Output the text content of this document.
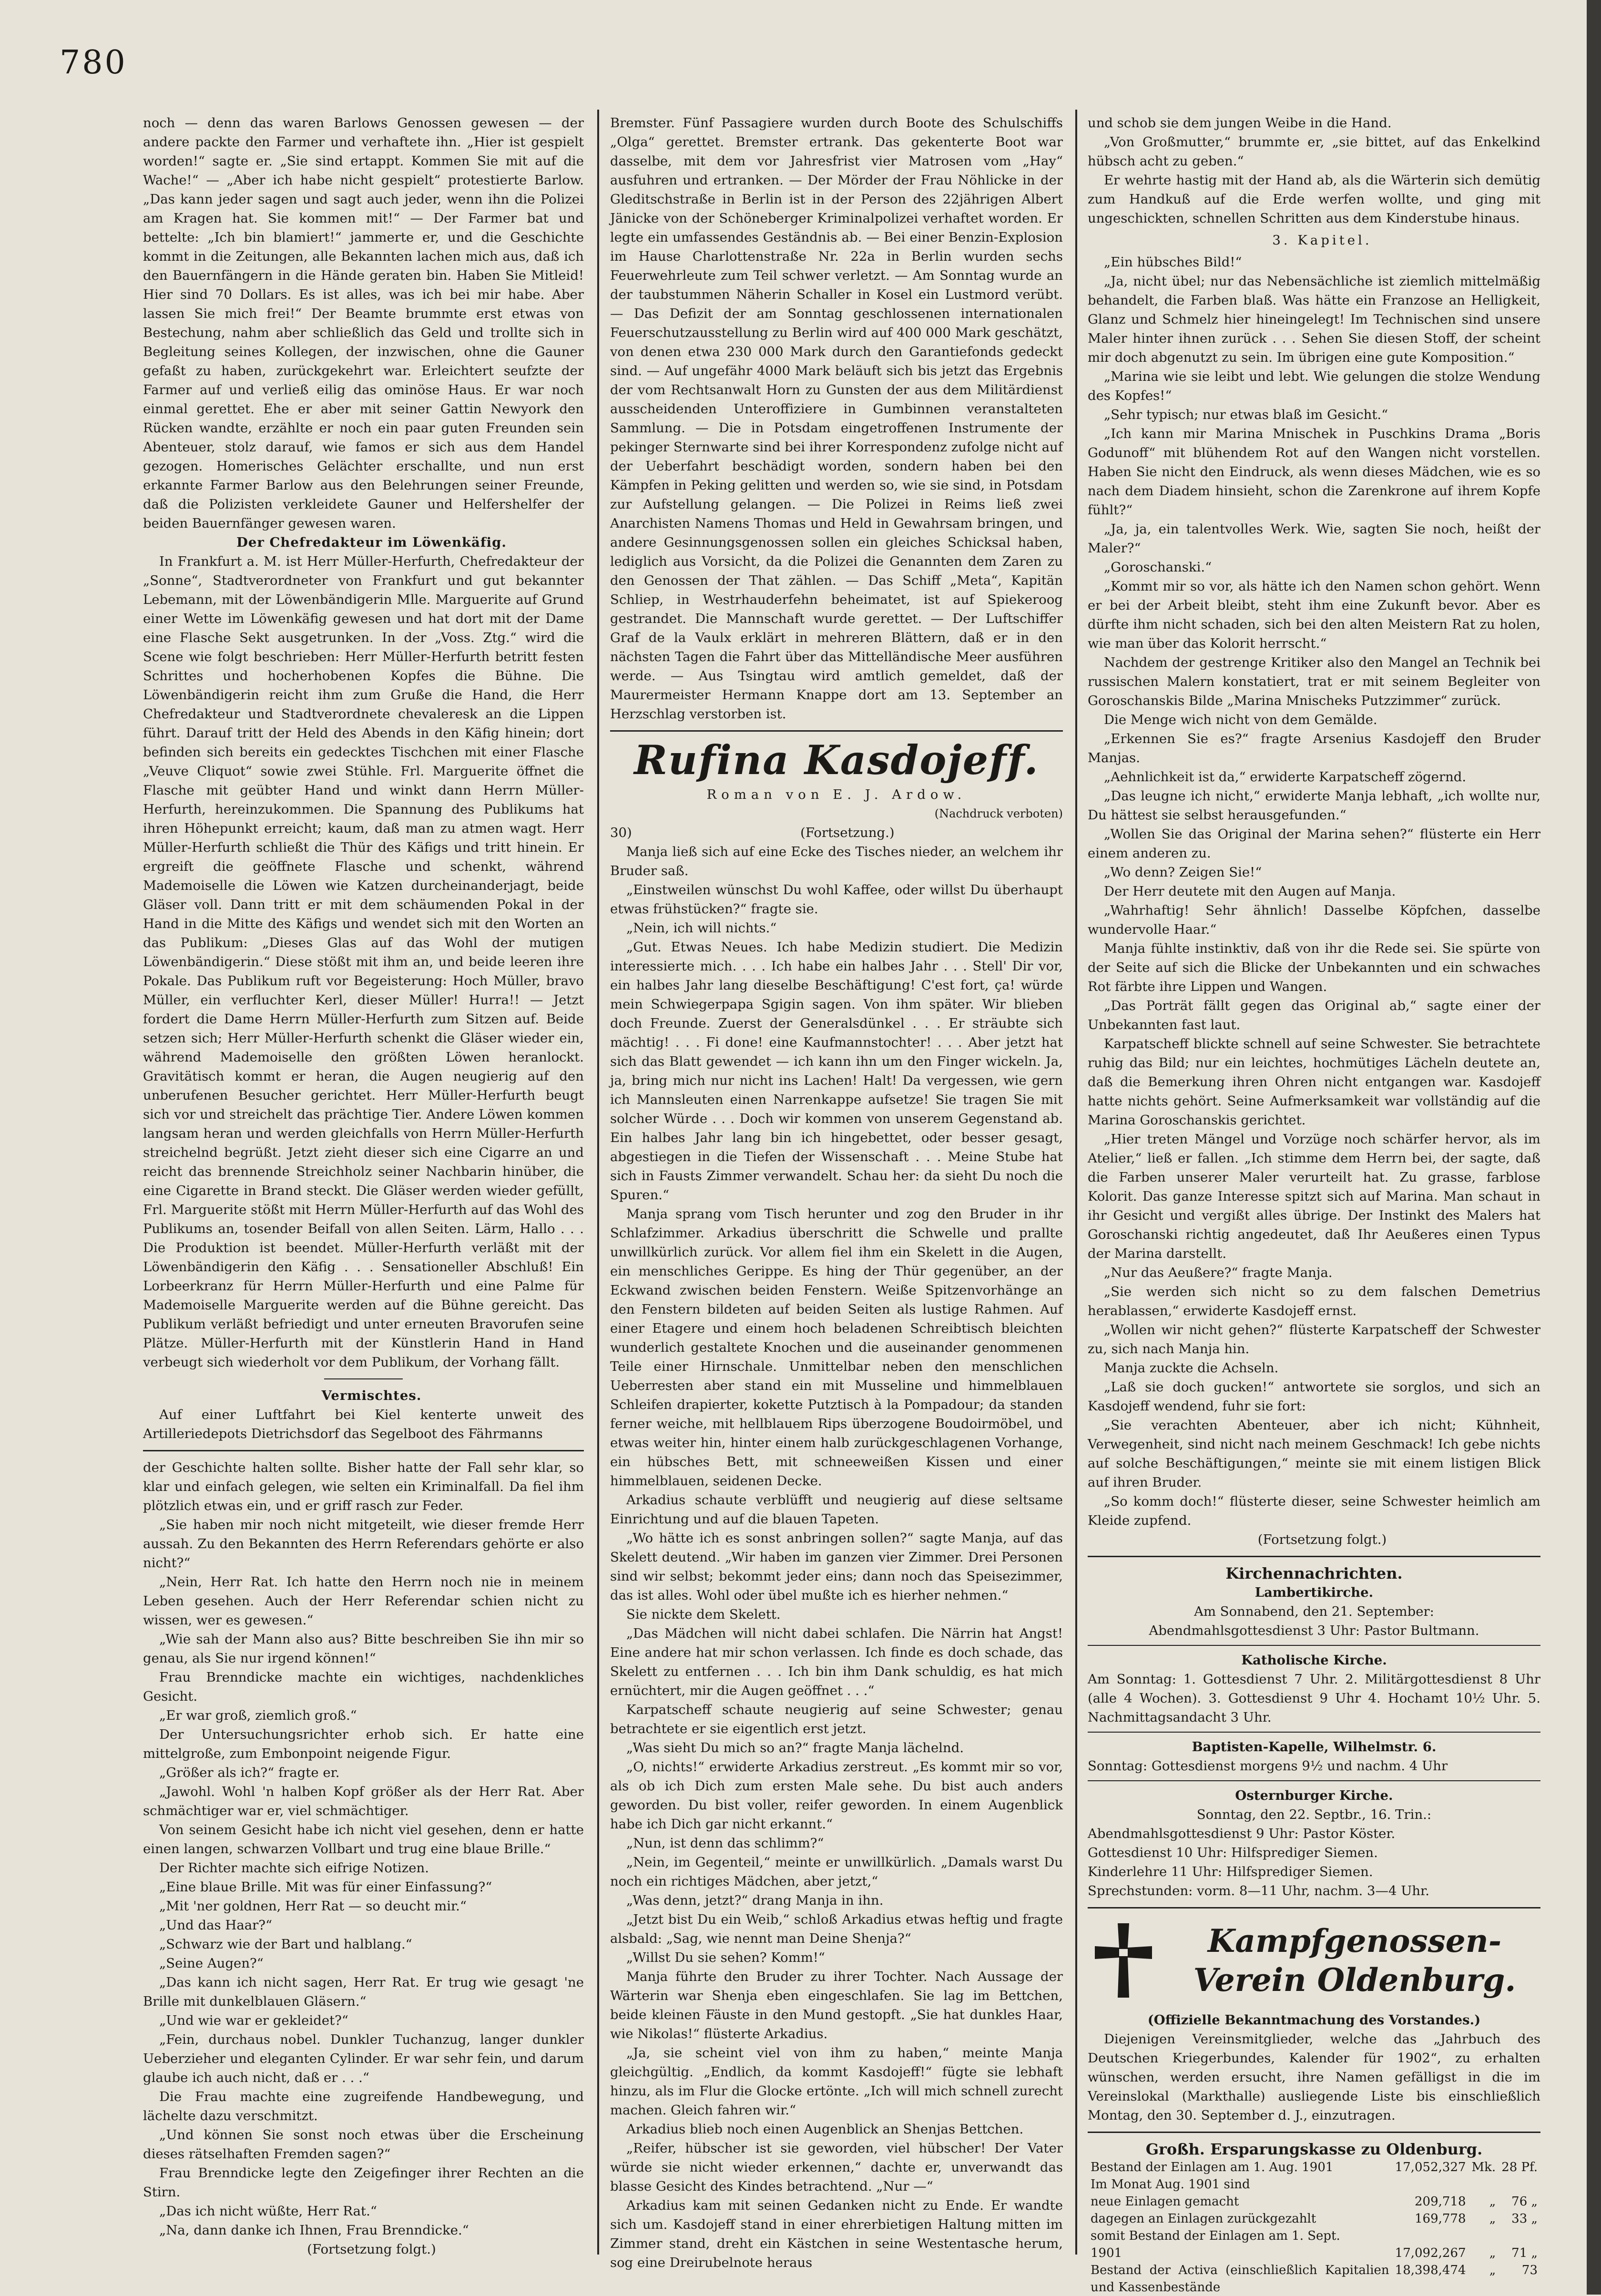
780

noch — denn das waren Barlows Genossen gewesen — der andere packte den Farmer und verhaftete ihn. „Hier ist gespielt worden!“ sagte er. „Sie sind ertappt. Kommen Sie mit auf die Wache!“ — „Aber ich habe nicht gespielt“ protestierte Barlow. „Das kann jeder sagen und sagt auch jeder, wenn ihn die Polizei am Kragen hat. Sie kommen mit!“ — Der Farmer bat und bettelte: „Ich bin blamiert!“ jammerte er, und die Geschichte kommt in die Zeitungen, alle Bekannten lachen mich aus, daß ich den Bauernfängern in die Hände geraten bin. Haben Sie Mitleid! Hier sind 70 Dollars. Es ist alles, was ich bei mir habe. Aber lassen Sie mich frei!“ Der Beamte brummte erst etwas von Bestechung, nahm aber schließlich das Geld und trollte sich in Begleitung seines Kollegen, der inzwischen, ohne die Gauner gefaßt zu haben, zurückgekehrt war. Erleichtert seufzte der Farmer auf und verließ eilig das ominöse Haus. Er war noch einmal gerettet. Ehe er aber mit seiner Gattin Newyork den Rücken wandte, erzählte er noch ein paar guten Freunden sein Abenteuer, stolz darauf, wie famos er sich aus dem Handel gezogen. Homerisches Gelächter erschallte, und nun erst erkannte Farmer Barlow aus den Belehrungen seiner Freunde, daß die Polizisten verkleidete Gauner und Helfershelfer der beiden Bauernfänger gewesen waren.

Der Chefredakteur im Löwenkäfig.

In Frankfurt a. M. ist Herr Müller-Herfurth, Chefredakteur der „Sonne“, Stadtverordneter von Frankfurt und gut bekannter Lebemann, mit der Löwenbändigerin Mlle. Marguerite auf Grund einer Wette im Löwenkäfig gewesen und hat dort mit der Dame eine Flasche Sekt ausgetrunken. In der „Voss. Ztg.“ wird die Scene wie folgt beschrieben: Herr Müller-Herfurth betritt festen Schrittes und hocherhobenen Kopfes die Bühne. Die Löwenbändigerin reicht ihm zum Gruße die Hand, die Herr Chefredakteur und Stadtverordnete chevaleresk an die Lippen führt. Darauf tritt der Held des Abends in den Käfig hinein; dort befinden sich bereits ein gedecktes Tischchen mit einer Flasche „Veuve Cliquot“ sowie zwei Stühle. Frl. Marguerite öffnet die Flasche mit geübter Hand und winkt dann Herrn Müller-Herfurth, hereinzukommen. Die Spannung des Publikums hat ihren Höhepunkt erreicht; kaum, daß man zu atmen wagt. Herr Müller-Herfurth schließt die Thür des Käfigs und tritt hinein. Er ergreift die geöffnete Flasche und schenkt, während Mademoiselle die Löwen wie Katzen durcheinanderjagt, beide Gläser voll. Dann tritt er mit dem schäumenden Pokal in der Hand in die Mitte des Käfigs und wendet sich mit den Worten an das Publikum: „Dieses Glas auf das Wohl der mutigen Löwenbändigerin.“ Diese stößt mit ihm an, und beide leeren ihre Pokale. Das Publikum ruft vor Begeisterung: Hoch Müller, bravo Müller, ein verfluchter Kerl, dieser Müller! Hurra!! — Jetzt fordert die Dame Herrn Müller-Herfurth zum Sitzen auf. Beide setzen sich; Herr Müller-Herfurth schenkt die Gläser wieder ein, während Mademoiselle den größten Löwen heranlockt. Gravitätisch kommt er heran, die Augen neugierig auf den unberufenen Besucher gerichtet. Herr Müller-Herfurth beugt sich vor und streichelt das prächtige Tier. Andere Löwen kommen langsam heran und werden gleichfalls von Herrn Müller-Herfurth streichelnd begrüßt. Jetzt zieht dieser sich eine Cigarre an und reicht das brennende Streichholz seiner Nachbarin hinüber, die eine Cigarette in Brand steckt. Die Gläser werden wieder gefüllt, Frl. Marguerite stößt mit Herrn Müller-Herfurth auf das Wohl des Publikums an, tosender Beifall von allen Seiten. Lärm, Hallo . . . Die Produktion ist beendet. Müller-Herfurth verläßt mit der Löwenbändigerin den Käfig . . . Sensationeller Abschluß! Ein Lorbeerkranz für Herrn Müller-Herfurth und eine Palme für Mademoiselle Marguerite werden auf die Bühne gereicht. Das Publikum verläßt befriedigt und unter erneuten Bravorufen seine Plätze. Müller-Herfurth mit der Künstlerin Hand in Hand verbeugt sich wiederholt vor dem Publikum, der Vorhang fällt.

Vermischtes.

Auf einer Luftfahrt bei Kiel kenterte unweit des Artilleriedepots Dietrichsdorf das Segelboot des Fährmanns

der Geschichte halten sollte. Bisher hatte der Fall sehr klar, so klar und einfach gelegen, wie selten ein Kriminalfall. Da fiel ihm plötzlich etwas ein, und er griff rasch zur Feder.

„Sie haben mir noch nicht mitgeteilt, wie dieser fremde Herr aussah. Zu den Bekannten des Herrn Referendars gehörte er also nicht?“

„Nein, Herr Rat. Ich hatte den Herrn noch nie in meinem Leben gesehen. Auch der Herr Referendar schien nicht zu wissen, wer es gewesen.“

„Wie sah der Mann also aus? Bitte beschreiben Sie ihn mir so genau, als Sie nur irgend können!“

Frau Brenndicke machte ein wichtiges, nachdenkliches Gesicht.

„Er war groß, ziemlich groß.“

Der Untersuchungsrichter erhob sich. Er hatte eine mittelgroße, zum Embonpoint neigende Figur.

„Größer als ich?“ fragte er.

„Jawohl. Wohl 'n halben Kopf größer als der Herr Rat. Aber schmächtiger war er, viel schmächtiger.

Von seinem Gesicht habe ich nicht viel gesehen, denn er hatte einen langen, schwarzen Vollbart und trug eine blaue Brille.“

Der Richter machte sich eifrige Notizen.

„Eine blaue Brille. Mit was für einer Einfassung?“

„Mit 'ner goldnen, Herr Rat — so deucht mir.“

„Und das Haar?“

„Schwarz wie der Bart und halblang.“

„Seine Augen?“

„Das kann ich nicht sagen, Herr Rat. Er trug wie gesagt 'ne Brille mit dunkelblauen Gläsern.“

„Und wie war er gekleidet?“

„Fein, durchaus nobel. Dunkler Tuchanzug, langer dunkler Ueberzieher und eleganten Cylinder. Er war sehr fein, und darum glaube ich auch nicht, daß er . . .“

Die Frau machte eine zugreifende Handbewegung, und lächelte dazu verschmitzt.

„Und können Sie sonst noch etwas über die Erscheinung dieses rätselhaften Fremden sagen?“

Frau Brenndicke legte den Zeigefinger ihrer Rechten an die Stirn.

„Das ich nicht wüßte, Herr Rat.“

„Na, dann danke ich Ihnen, Frau Brenndicke.“

(Fortsetzung folgt.)

Bremster. Fünf Passagiere wurden durch Boote des Schulschiffs „Olga“ gerettet. Bremster ertrank. Das gekenterte Boot war dasselbe, mit dem vor Jahresfrist vier Matrosen vom „Hay“ ausfuhren und ertranken. — Der Mörder der Frau Nöhlicke in der Gleditschstraße in Berlin ist in der Person des 22jährigen Albert Jänicke von der Schöneberger Kriminalpolizei verhaftet worden. Er legte ein umfassendes Geständnis ab. — Bei einer Benzin-Explosion im Hause Charlottenstraße Nr. 22a in Berlin wurden sechs Feuerwehrleute zum Teil schwer verletzt. — Am Sonntag wurde an der taubstummen Näherin Schaller in Kosel ein Lustmord verübt. — Das Defizit der am Sonntag geschlossenen internationalen Feuerschutzausstellung zu Berlin wird auf 400 000 Mark geschätzt, von denen etwa 230 000 Mark durch den Garantiefonds gedeckt sind. — Auf ungefähr 4000 Mark beläuft sich bis jetzt das Ergebnis der vom Rechtsanwalt Horn zu Gunsten der aus dem Militärdienst ausscheidenden Unteroffiziere in Gumbinnen veranstalteten Sammlung. — Die in Potsdam eingetroffenen Instrumente der pekinger Sternwarte sind bei ihrer Korrespondenz zufolge nicht auf der Ueberfahrt beschädigt worden, sondern haben bei den Kämpfen in Peking gelitten und werden so, wie sie sind, in Potsdam zur Aufstellung gelangen. — Die Polizei in Reims ließ zwei Anarchisten Namens Thomas und Held in Gewahrsam bringen, und andere Gesinnungsgenossen sollen ein gleiches Schicksal haben, lediglich aus Vorsicht, da die Polizei die Genannten dem Zaren zu den Genossen der That zählen. — Das Schiff „Meta“, Kapitän Schliep, in Westrhauderfehn beheimatet, ist auf Spiekeroog gestrandet. Die Mannschaft wurde gerettet. — Der Luftschiffer Graf de la Vaulx erklärt in mehreren Blättern, daß er in den nächsten Tagen die Fahrt über das Mittelländische Meer ausführen werde. — Aus Tsingtau wird amtlich gemeldet, daß der Maurermeister Hermann Knappe dort am 13. September an Herzschlag verstorben ist.

Rufina Kasdojeff.
Roman von E. J. Ardow.
(Nachdruck verboten)
30)	(Fortsetzung.)

Manja ließ sich auf eine Ecke des Tisches nieder, an welchem ihr Bruder saß.

„Einstweilen wünschst Du wohl Kaffee, oder willst Du überhaupt etwas frühstücken?“ fragte sie.

„Nein, ich will nichts.“

„Gut. Etwas Neues. Ich habe Medizin studiert. Die Medizin interessierte mich. . . . Ich habe ein halbes Jahr . . . Stell' Dir vor, ein halbes Jahr lang dieselbe Beschäftigung! C'est fort, ça! würde mein Schwiegerpapa Sgigin sagen. Von ihm später. Wir blieben doch Freunde. Zuerst der Generalsdünkel . . . Er sträubte sich mächtig! . . . Fi done! eine Kaufmannstochter! . . . Aber jetzt hat sich das Blatt gewendet — ich kann ihn um den Finger wickeln. Ja, ja, bring mich nur nicht ins Lachen! Halt! Da vergessen, wie gern ich Mannsleuten einen Narrenkappe aufsetze! Sie tragen Sie mit solcher Würde . . . Doch wir kommen von unserem Gegenstand ab. Ein halbes Jahr lang bin ich hingebettet, oder besser gesagt, abgestiegen in die Tiefen der Wissenschaft . . . Meine Stube hat sich in Fausts Zimmer verwandelt. Schau her: da sieht Du noch die Spuren.“

Manja sprang vom Tisch herunter und zog den Bruder in ihr Schlafzimmer. Arkadius überschritt die Schwelle und prallte unwillkürlich zurück. Vor allem fiel ihm ein Skelett in die Augen, ein menschliches Gerippe. Es hing der Thür gegenüber, an der Eckwand zwischen beiden Fenstern. Weiße Spitzenvorhänge an den Fenstern bildeten auf beiden Seiten als lustige Rahmen. Auf einer Etagere und einem hoch beladenen Schreibtisch bleichten wunderlich gestaltete Knochen und die auseinander genommenen Teile einer Hirnschale. Unmittelbar neben den menschlichen Ueberresten aber stand ein mit Musseline und himmelblauen Schleifen drapierter, kokette Putztisch à la Pompadour; da standen ferner weiche, mit hellblauem Rips überzogene Boudoirmöbel, und etwas weiter hin, hinter einem halb zurückgeschlagenen Vorhange, ein hübsches Bett, mit schneeweißen Kissen und einer himmelblauen, seidenen Decke.

Arkadius schaute verblüfft und neugierig auf diese seltsame Einrichtung und auf die blauen Tapeten.

„Wo hätte ich es sonst anbringen sollen?“ sagte Manja, auf das Skelett deutend. „Wir haben im ganzen vier Zimmer. Drei Personen sind wir selbst; bekommt jeder eins; dann noch das Speisezimmer, das ist alles. Wohl oder übel mußte ich es hierher nehmen.“

Sie nickte dem Skelett.

„Das Mädchen will nicht dabei schlafen. Die Närrin hat Angst! Eine andere hat mir schon verlassen. Ich finde es doch schade, das Skelett zu entfernen . . . Ich bin ihm Dank schuldig, es hat mich ernüchtert, mir die Augen geöffnet . . .“

Karpatscheff schaute neugierig auf seine Schwester; genau betrachtete er sie eigentlich erst jetzt.

„Was sieht Du mich so an?“ fragte Manja lächelnd.

„O, nichts!“ erwiderte Arkadius zerstreut. „Es kommt mir so vor, als ob ich Dich zum ersten Male sehe. Du bist auch anders geworden. Du bist voller, reifer geworden. In einem Augenblick habe ich Dich gar nicht erkannt.“

„Nun, ist denn das schlimm?“

„Nein, im Gegenteil,“ meinte er unwillkürlich. „Damals warst Du noch ein richtiges Mädchen, aber jetzt,“

„Was denn, jetzt?“ drang Manja in ihn.

„Jetzt bist Du ein Weib,“ schloß Arkadius etwas heftig und fragte alsbald: „Sag, wie nennt man Deine Shenja?“

„Willst Du sie sehen? Komm!“

Manja führte den Bruder zu ihrer Tochter. Nach Aussage der Wärterin war Shenja eben eingeschlafen. Sie lag im Bettchen, beide kleinen Fäuste in den Mund gestopft. „Sie hat dunkles Haar, wie Nikolas!“ flüsterte Arkadius.

„Ja, sie scheint viel von ihm zu haben,“ meinte Manja gleichgültig. „Endlich, da kommt Kasdojeff!“ fügte sie lebhaft hinzu, als im Flur die Glocke ertönte. „Ich will mich schnell zurecht machen. Gleich fahren wir.“

Arkadius blieb noch einen Augenblick an Shenjas Bettchen.

„Reifer, hübscher ist sie geworden, viel hübscher! Der Vater würde sie nicht wieder erkennen,“ dachte er, unverwandt das blasse Gesicht des Kindes betrachtend. „Nur —“

Arkadius kam mit seinen Gedanken nicht zu Ende. Er wandte sich um. Kasdojeff stand in einer ehrerbietigen Haltung mitten im Zimmer stand, dreht ein Kästchen in seine Westentasche herum, sog eine Dreirubelnote heraus

und schob sie dem jungen Weibe in die Hand.

„Von Großmutter,“ brummte er, „sie bittet, auf das Enkelkind hübsch acht zu geben.“

Er wehrte hastig mit der Hand ab, als die Wärterin sich demütig zum Handkuß auf die Erde werfen wollte, und ging mit ungeschickten, schnellen Schritten aus dem Kinderstube hinaus.

3. Kapitel.

„Ein hübsches Bild!“

„Ja, nicht übel; nur das Nebensächliche ist ziemlich mittelmäßig behandelt, die Farben blaß. Was hätte ein Franzose an Helligkeit, Glanz und Schmelz hier hineingelegt! Im Technischen sind unsere Maler hinter ihnen zurück . . . Sehen Sie diesen Stoff, der scheint mir doch abgenutzt zu sein. Im übrigen eine gute Komposition.“

„Marina wie sie leibt und lebt. Wie gelungen die stolze Wendung des Kopfes!“

„Sehr typisch; nur etwas blaß im Gesicht.“

„Ich kann mir Marina Mnischek in Puschkins Drama „Boris Godunoff“ mit blühendem Rot auf den Wangen nicht vorstellen. Haben Sie nicht den Eindruck, als wenn dieses Mädchen, wie es so nach dem Diadem hinsieht, schon die Zarenkrone auf ihrem Kopfe fühlt?“

„Ja, ja, ein talentvolles Werk. Wie, sagten Sie noch, heißt der Maler?“

„Goroschanski.“

„Kommt mir so vor, als hätte ich den Namen schon gehört. Wenn er bei der Arbeit bleibt, steht ihm eine Zukunft bevor. Aber es dürfte ihm nicht schaden, sich bei den alten Meistern Rat zu holen, wie man über das Kolorit herrscht.“

Nachdem der gestrenge Kritiker also den Mangel an Technik bei russischen Malern konstatiert, trat er mit seinem Begleiter von Goroschanskis Bilde „Marina Mnischeks Putzzimmer“ zurück.

Die Menge wich nicht von dem Gemälde.

„Erkennen Sie es?“ fragte Arsenius Kasdojeff den Bruder Manjas.

„Aehnlichkeit ist da,“ erwiderte Karpatscheff zögernd.

„Das leugne ich nicht,“ erwiderte Manja lebhaft, „ich wollte nur, Du hättest sie selbst herausgefunden.“

„Wollen Sie das Original der Marina sehen?“ flüsterte ein Herr einem anderen zu.

„Wo denn? Zeigen Sie!“

Der Herr deutete mit den Augen auf Manja.

„Wahrhaftig! Sehr ähnlich! Dasselbe Köpfchen, dasselbe wundervolle Haar.“

Manja fühlte instinktiv, daß von ihr die Rede sei. Sie spürte von der Seite auf sich die Blicke der Unbekannten und ein schwaches Rot färbte ihre Lippen und Wangen.

„Das Porträt fällt gegen das Original ab,“ sagte einer der Unbekannten fast laut.

Karpatscheff blickte schnell auf seine Schwester. Sie betrachtete ruhig das Bild; nur ein leichtes, hochmütiges Lächeln deutete an, daß die Bemerkung ihren Ohren nicht entgangen war. Kasdojeff hatte nichts gehört. Seine Aufmerksamkeit war vollständig auf die Marina Goroschanskis gerichtet.

„Hier treten Mängel und Vorzüge noch schärfer hervor, als im Atelier,“ ließ er fallen. „Ich stimme dem Herrn bei, der sagte, daß die Farben unserer Maler verurteilt hat. Zu grasse, farblose Kolorit. Das ganze Interesse spitzt sich auf Marina. Man schaut in ihr Gesicht und vergißt alles übrige. Der Instinkt des Malers hat Goroschanski richtig angedeutet, daß Ihr Aeußeres einen Typus der Marina darstellt.

„Nur das Aeußere?“ fragte Manja.

„Sie werden sich nicht so zu dem falschen Demetrius herablassen,“ erwiderte Kasdojeff ernst.

„Wollen wir nicht gehen?“ flüsterte Karpatscheff der Schwester zu, sich nach Manja hin.

Manja zuckte die Achseln.

„Laß sie doch gucken!“ antwortete sie sorglos, und sich an Kasdojeff wendend, fuhr sie fort:

„Sie verachten Abenteuer, aber ich nicht; Kühnheit, Verwegenheit, sind nicht nach meinem Geschmack! Ich gebe nichts auf solche Beschäftigungen,“ meinte sie mit einem listigen Blick auf ihren Bruder.

„So komm doch!“ flüsterte dieser, seine Schwester heimlich am Kleide zupfend.

(Fortsetzung folgt.)

Kirchennachrichten.
Lambertikirche.
Am Sonnabend, den 21. September:
Abendmahlsgottesdienst 3 Uhr: Pastor Bultmann.
Katholische Kirche.
Am Sonntag: 1. Gottesdienst 7 Uhr. 2. Militärgottesdienst 8 Uhr (alle 4 Wochen). 3. Gottesdienst 9 Uhr 4. Hochamt 10½ Uhr. 5. Nachmittagsandacht 3 Uhr.
Baptisten-Kapelle, Wilhelmstr. 6.
Sonntag: Gottesdienst morgens 9½ und nachm. 4 Uhr
Osternburger Kirche.
Sonntag, den 22. Septbr., 16. Trin.:
Abendmahlsgottesdienst 9 Uhr: Pastor Köster.
Gottesdienst 10 Uhr: Hilfsprediger Siemen.
Kinderlehre 11 Uhr: Hilfsprediger Siemen.
Sprechstunden: vorm. 8—11 Uhr, nachm. 3—4 Uhr.
Kampfgenossen-Verein Oldenburg.
(Offizielle Bekanntmachung des Vorstandes.)
Diejenigen Vereinsmitglieder, welche das „Jahrbuch des Deutschen Kriegerbundes, Kalender für 1902“, zu erhalten wünschen, werden ersucht, ihre Namen gefälligst in die im Vereinslokal (Markthalle) ausliegende Liste bis einschließlich Montag, den 30. September d. J., einzutragen.
Großh. Ersparungskasse zu Oldenburg.
Bestand der Einlagen am 1. Aug. 1901	17,052,327	Mk.	28 Pf.
Im Monat Aug. 1901 sind			
neue Einlagen gemacht	209,718	„	76 „
dagegen an Einlagen zurückgezahlt	169,778	„	33 „
somit Bestand der Einlagen am 1. Sept.			
1901	17,092,267	„	71 „
Bestand der Activa (einschließlich Kapitalien und Kassenbestände	18,398,474	„	73
